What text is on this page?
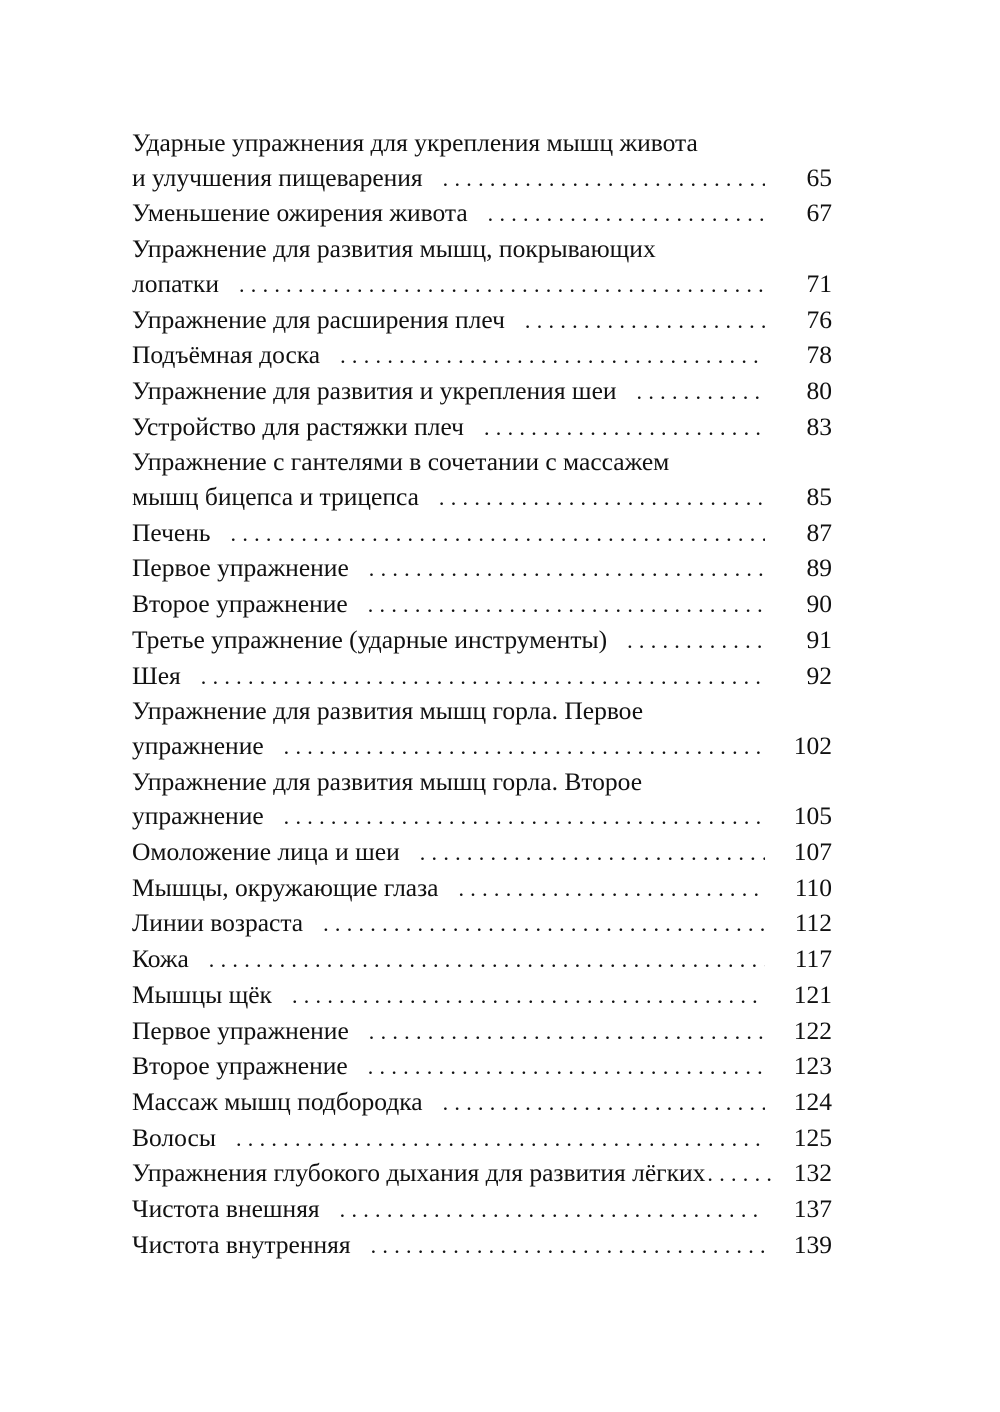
Ударные упражнения для укрепления мышц живота
и улучшения пищеварения . . .	65
Уменьшение ожирения живота . . .	67
Упражнение для развития мышц, покрывающих
лопатки . . .	71
Упражнение для расширения плеч . . .	76
Подъёмная доска . . .	78
Упражнение для развития и укрепления шеи . . .	80
Устройство для растяжки плеч . . .	83
Упражнение с гантелями в сочетании с массажем
мышц бицепса и трицепса . . .	85
Печень . . .	87
Первое упражнение . . .	89
Второе упражнение . . .	90
Третье упражнение (ударные инструменты) . . .	91
Шея . . .	92
Упражнение для развития мышц горла. Первое
упражнение . . .	102
Упражнение для развития мышц горла. Второе
упражнение . . .	105
Омоложение лица и шеи . . .	107
Мышцы, окружающие глаза . . .	110
Линии возраста . . .	112
Кожа . . .	117
Мышцы щёк . . .	121
Первое упражнение . . .	122
Второе упражнение . . .	123
Массаж мышц подбородка . . .	124
Волосы . . .	125
Упражнения глубокого дыхания для развития лёгких . . .	132
Чистота внешняя . . .	137
Чистота внутренняя . . .	139
